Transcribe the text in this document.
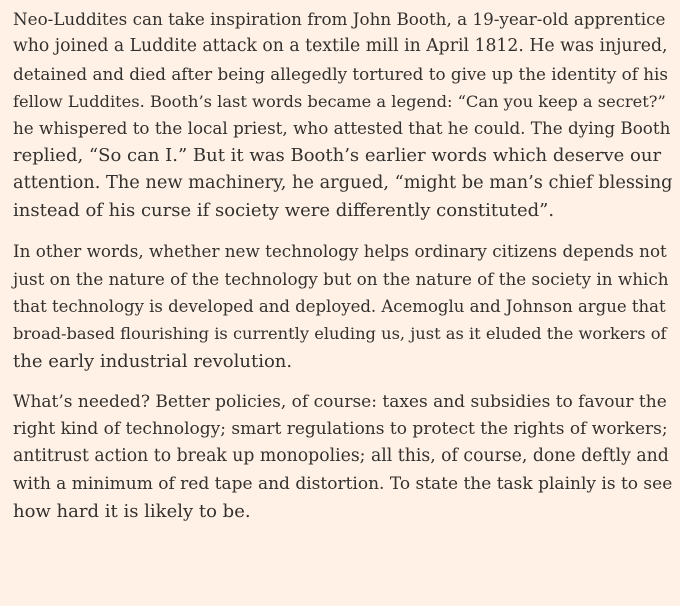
Neo-Luddites can take inspiration from John Booth, a 19-year-old apprentice
who joined a Luddite attack on a textile mill in April 1812. He was injured,
detained and died after being allegedly tortured to give up the identity of his
fellow Luddites. Booth’s last words became a legend: “Can you keep a secret?”
he whispered to the local priest, who attested that he could. The dying Booth
replied, “So can I.” But it was Booth’s earlier words which deserve our
attention. The new machinery, he argued, “might be man’s chief blessing
instead of his curse if society were differently constituted”.

In other words, whether new technology helps ordinary citizens depends not
just on the nature of the technology but on the nature of the society in which
that technology is developed and deployed. Acemoglu and Johnson argue that
broad-based flourishing is currently eluding us, just as it eluded the workers of
the early industrial revolution.

What’s needed? Better policies, of course: taxes and subsidies to favour the
right kind of technology; smart regulations to protect the rights of workers;
antitrust action to break up monopolies; all this, of course, done deftly and
with a minimum of red tape and distortion. To state the task plainly is to see
how hard it is likely to be.
